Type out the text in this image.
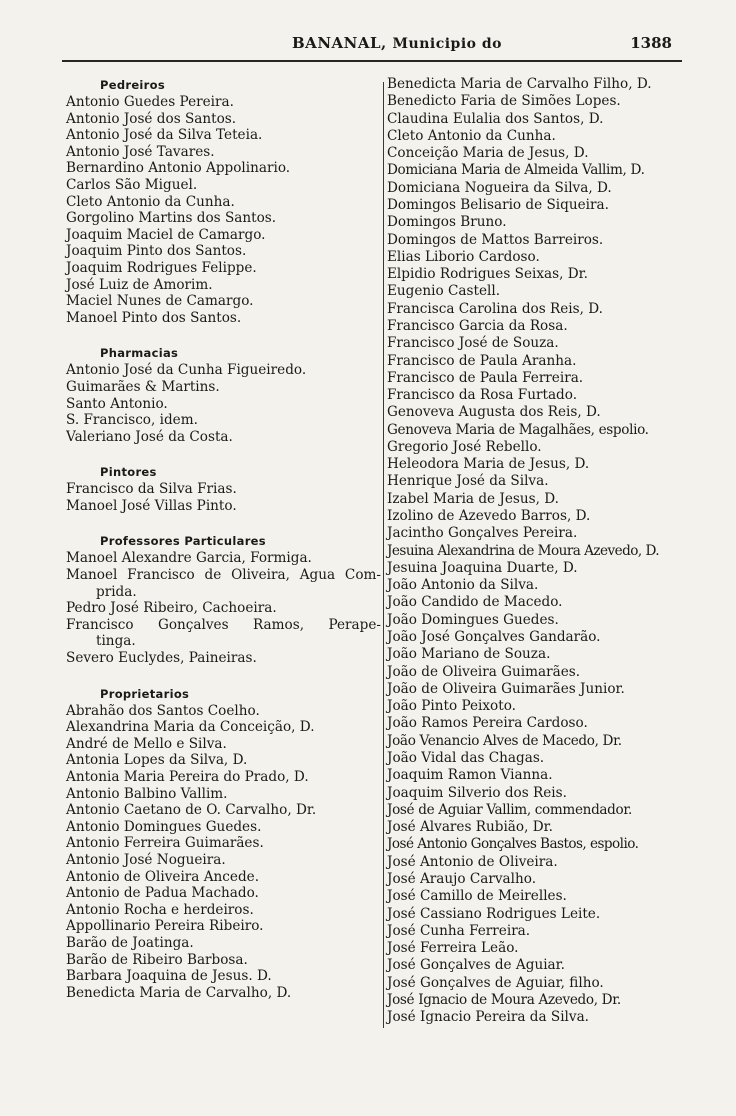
BANANAL, Municipio do	1388
Pedreiros
Antonio Guedes Pereira.
Antonio José dos Santos.
Antonio José da Silva Teteia.
Antonio José Tavares.
Bernardino Antonio Appolinario.
Carlos São Miguel.
Cleto Antonio da Cunha.
Gorgolino Martins dos Santos.
Joaquim Maciel de Camargo.
Joaquim Pinto dos Santos.
Joaquim Rodrigues Felippe.
José Luiz de Amorim.
Maciel Nunes de Camargo.
Manoel Pinto dos Santos.
Pharmacias
Antonio José da Cunha Figueiredo.
Guimarães & Martins.
Santo Antonio.
S. Francisco, idem.
Valeriano José da Costa.
Pintores
Francisco da Silva Frias.
Manoel José Villas Pinto.
Professores Particulares
Manoel Alexandre Garcia, Formiga.
Manoel Francisco de Oliveira, Agua Com-
prida.
Pedro José Ribeiro, Cachoeira.
Francisco Gonçalves Ramos, Perape-
tinga.
Severo Euclydes, Paineiras.
Proprietarios
Abrahão dos Santos Coelho.
Alexandrina Maria da Conceição, D.
André de Mello e Silva.
Antonia Lopes da Silva, D.
Antonia Maria Pereira do Prado, D.
Antonio Balbino Vallim.
Antonio Caetano de O. Carvalho, Dr.
Antonio Domingues Guedes.
Antonio Ferreira Guimarães.
Antonio José Nogueira.
Antonio de Oliveira Ancede.
Antonio de Padua Machado.
Antonio Rocha e herdeiros.
Appollinario Pereira Ribeiro.
Barão de Joatinga.
Barão de Ribeiro Barbosa.
Barbara Joaquina de Jesus. D.
Benedicta Maria de Carvalho, D.
Benedicta Maria de Carvalho Filho, D.
Benedicto Faria de Simões Lopes.
Claudina Eulalia dos Santos, D.
Cleto Antonio da Cunha.
Conceição Maria de Jesus, D.
Domiciana Maria de Almeida Vallim, D.
Domiciana Nogueira da Silva, D.
Domingos Belisario de Siqueira.
Domingos Bruno.
Domingos de Mattos Barreiros.
Elias Liborio Cardoso.
Elpidio Rodrigues Seixas, Dr.
Eugenio Castell.
Francisca Carolina dos Reis, D.
Francisco Garcia da Rosa.
Francisco José de Souza.
Francisco de Paula Aranha.
Francisco de Paula Ferreira.
Francisco da Rosa Furtado.
Genoveva Augusta dos Reis, D.
Genoveva Maria de Magalhães, espolio.
Gregorio José Rebello.
Heleodora Maria de Jesus, D.
Henrique José da Silva.
Izabel Maria de Jesus, D.
Izolino de Azevedo Barros, D.
Jacintho Gonçalves Pereira.
Jesuina Alexandrina de Moura Azevedo, D.
Jesuina Joaquina Duarte, D.
João Antonio da Silva.
João Candido de Macedo.
João Domingues Guedes.
João José Gonçalves Gandarão.
João Mariano de Souza.
João de Oliveira Guimarães.
João de Oliveira Guimarães Junior.
João Pinto Peixoto.
João Ramos Pereira Cardoso.
João Venancio Alves de Macedo, Dr.
João Vidal das Chagas.
Joaquim Ramon Vianna.
Joaquim Silverio dos Reis.
José de Aguiar Vallim, commendador.
José Alvares Rubião, Dr.
José Antonio Gonçalves Bastos, espolio.
José Antonio de Oliveira.
José Araujo Carvalho.
José Camillo de Meirelles.
José Cassiano Rodrigues Leite.
José Cunha Ferreira.
José Ferreira Leão.
José Gonçalves de Aguiar.
José Gonçalves de Aguiar, filho.
José Ignacio de Moura Azevedo, Dr.
José Ignacio Pereira da Silva.
